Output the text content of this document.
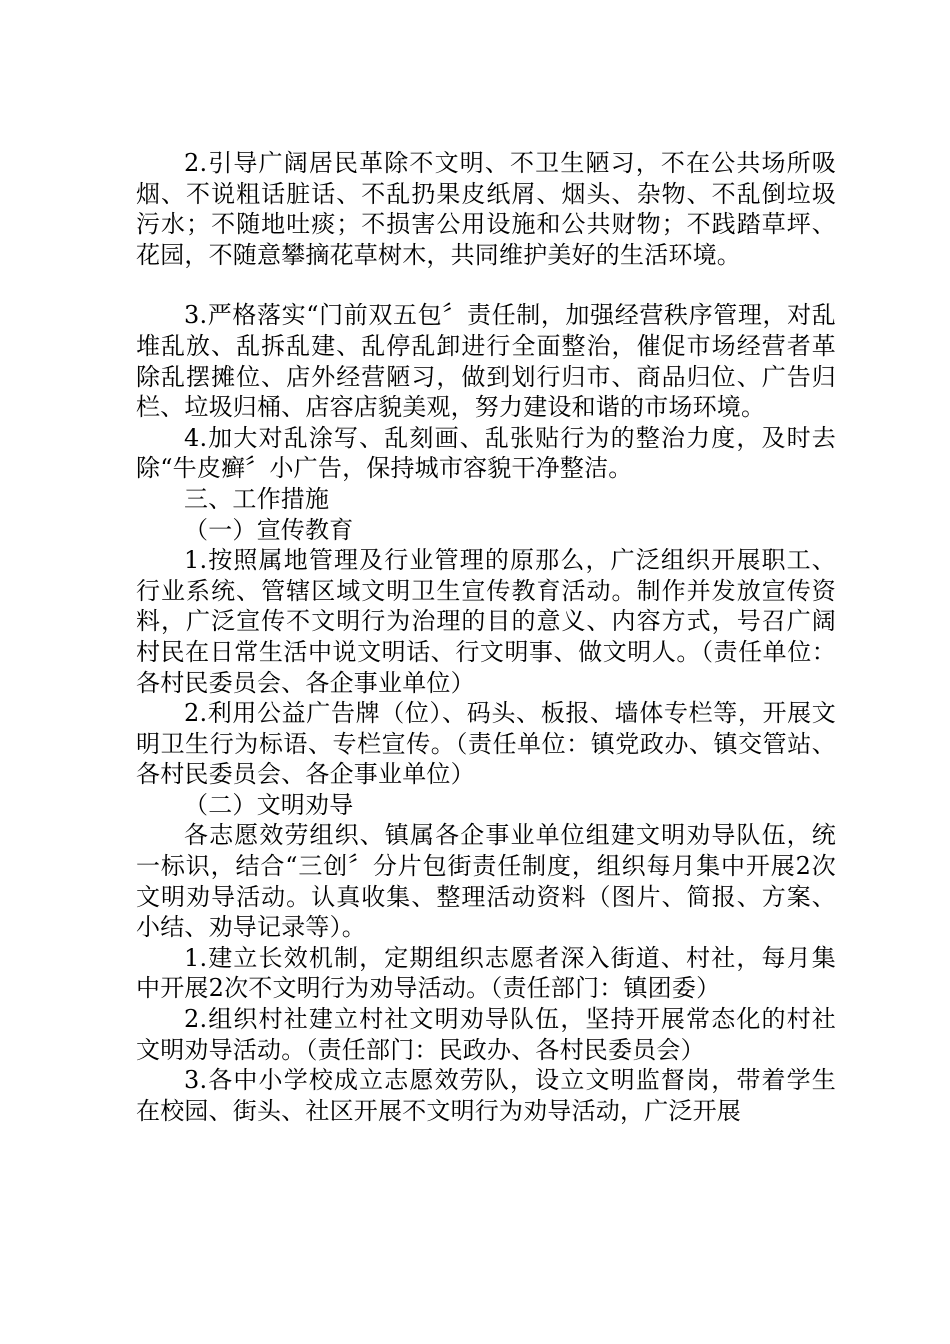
2.引导广阔居民革除不文明、不卫生陋习，不在公共场所吸烟、不说粗话脏话、不乱扔果皮纸屑、烟头、杂物、不乱倒垃圾污水；不随地吐痰；不损害公用设施和公共财物；不践踏草坪、花园，不随意攀摘花草树木，共同维护美好的生活环境。

3.严格落实“门前双五包〞责任制，加强经营秩序管理，对乱堆乱放、乱拆乱建、乱停乱卸进行全面整治，催促市场经营者革除乱摆摊位、店外经营陋习，做到划行归市、商品归位、广告归栏、垃圾归桶、店容店貌美观，努力建设和谐的市场环境。

4.加大对乱涂写、乱刻画、乱张贴行为的整治力度，及时去除“牛皮癣〞小广告，保持城市容貌干净整洁。

三、工作措施

（一）宣传教育

1.按照属地管理及行业管理的原那么，广泛组织开展职工、行业系统、管辖区域文明卫生宣传教育活动。制作并发放宣传资料，广泛宣传不文明行为治理的目的意义、内容方式，号召广阔村民在日常生活中说文明话、行文明事、做文明人。（责任单位：各村民委员会、各企事业单位）

2.利用公益广告牌（位）、码头、板报、墙体专栏等，开展文明卫生行为标语、专栏宣传。（责任单位：镇党政办、镇交管站、各村民委员会、各企事业单位）

（二）文明劝导

各志愿效劳组织、镇属各企事业单位组建文明劝导队伍，统一标识，结合“三创〞分片包街责任制度，组织每月集中开展2次文明劝导活动。认真收集、整理活动资料（图片、简报、方案、小结、劝导记录等）。

1.建立长效机制，定期组织志愿者深入街道、村社，每月集中开展2次不文明行为劝导活动。（责任部门：镇团委）

2.组织村社建立村社文明劝导队伍，坚持开展常态化的村社文明劝导活动。（责任部门：民政办、各村民委员会）

3.各中小学校成立志愿效劳队，设立文明监督岗，带着学生在校园、街头、社区开展不文明行为劝导活动，广泛开展
